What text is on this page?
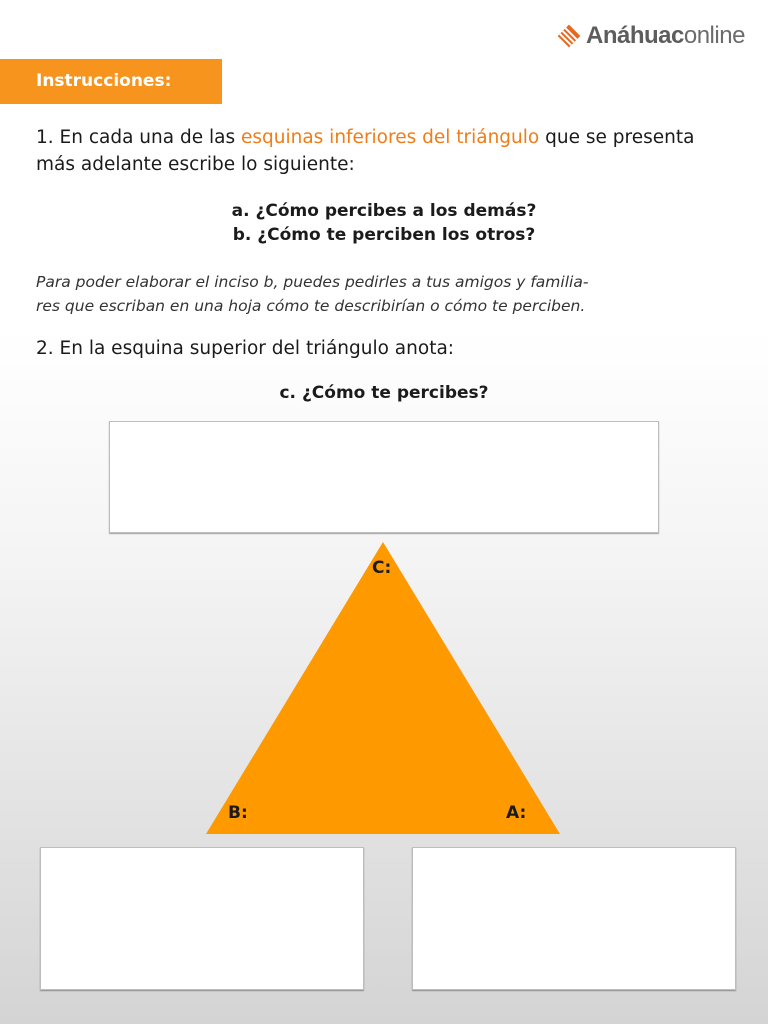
Anáhuaconline
Instrucciones:
1. En cada una de las esquinas inferiores del triángulo que se presenta más adelante escribe lo siguiente:
a. ¿Cómo percibes a los demás?
b. ¿Cómo te perciben los otros?
Para poder elaborar el inciso b, puedes pedirles a tus amigos y familia-
res que escriban en una hoja cómo te describirían o cómo te perciben.
2. En la esquina superior del triángulo anota:
c. ¿Cómo te percibes?
C:
B:	A:
